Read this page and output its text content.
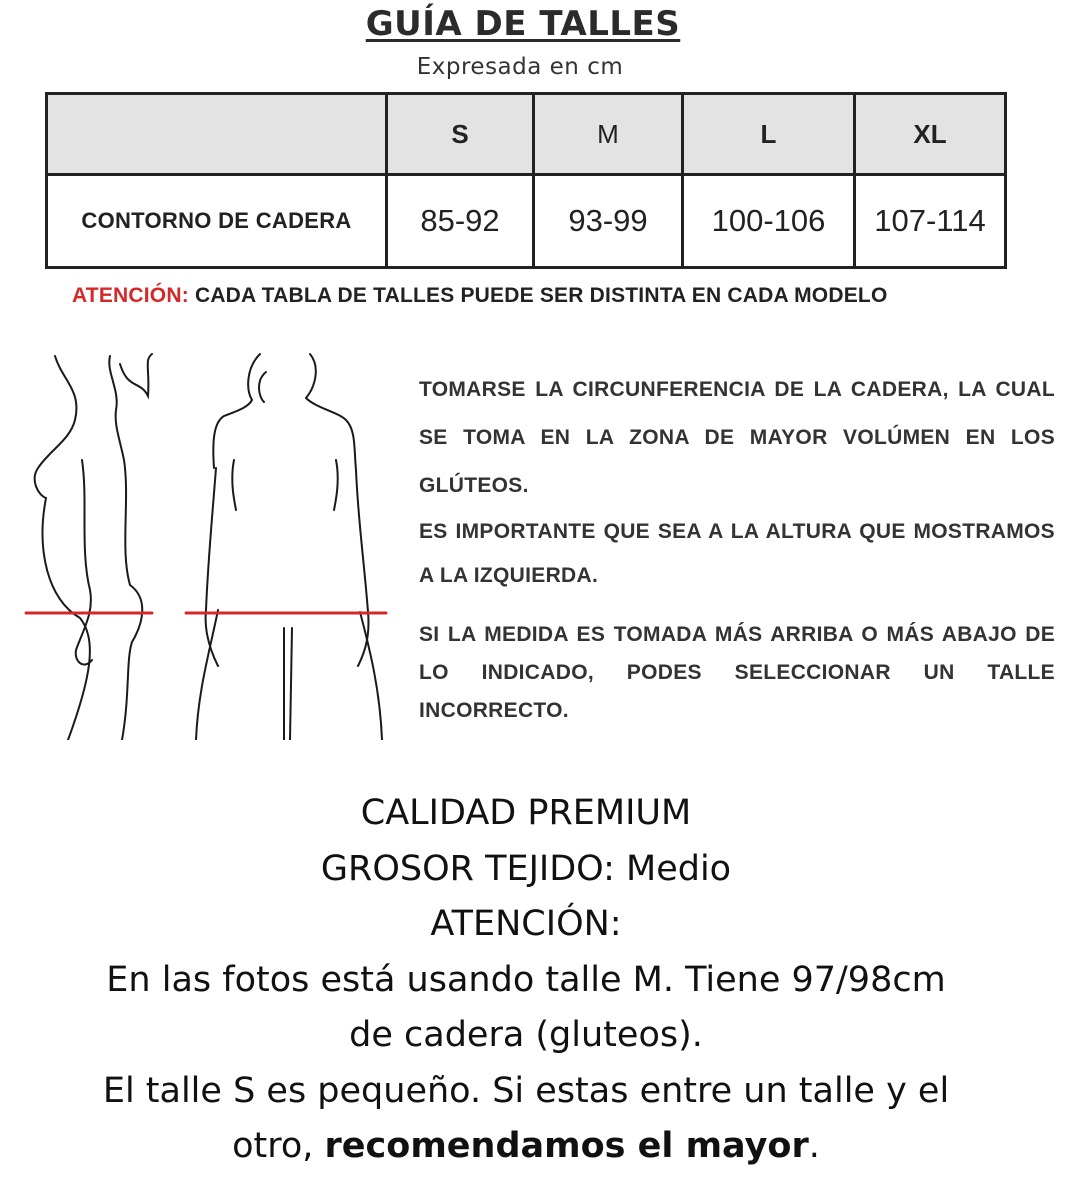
GUÍA DE TALLES
Expresada en cm
	S	M	L	XL
CONTORNO DE CADERA	85-92	93-99	100-106	107-114
ATENCIÓN: CADA TABLA DE TALLES PUEDE SER DISTINTA EN CADA MODELO

TOMARSE LA CIRCUNFERENCIA DE LA CADERA, LA CUAL SE TOMA EN LA ZONA DE MAYOR VOLÚMEN EN LOS GLÚTEOS.

ES IMPORTANTE QUE SEA A LA ALTURA QUE MOSTRAMOS A LA IZQUIERDA.

SI LA MEDIDA ES TOMADA MÁS ARRIBA O MÁS ABAJO DE LO INDICADO, PODES SELECCIONAR UN TALLE INCORRECTO.

CALIDAD PREMIUM

GROSOR TEJIDO: Medio

ATENCIÓN:

En las fotos está usando talle M. Tiene 97/98cm de cadera (gluteos).

El talle S es pequeño. Si estas entre un talle y el otro, recomendamos el mayor.
